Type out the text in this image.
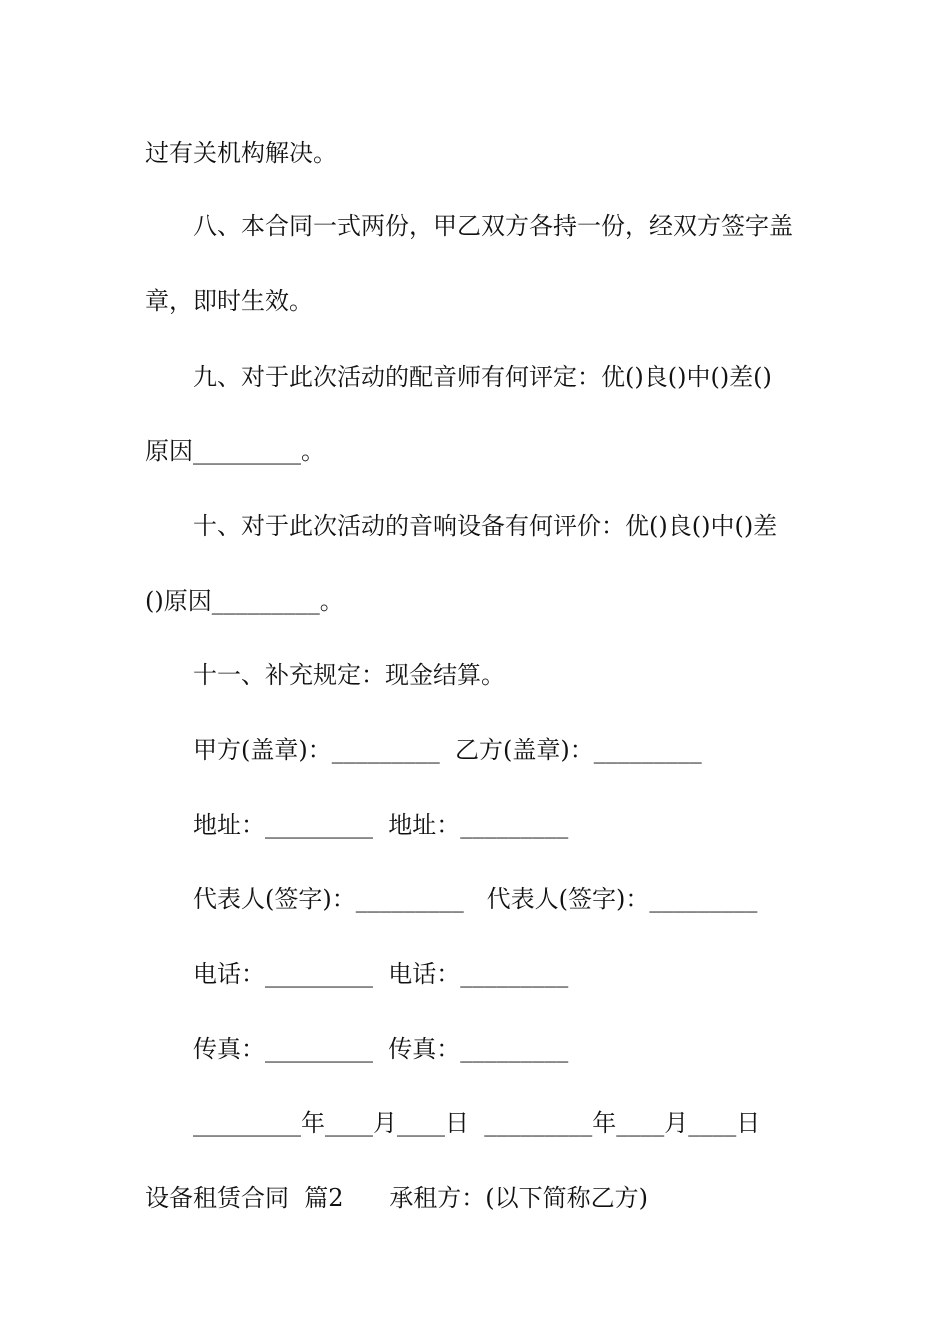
过有关机构解决。

八、本合同一式两份，甲乙双方各持一份，经双方签字盖

章，即时生效。

九、对于此次活动的配音师有何评定：优()良()中()差()

原因_________。

十、对于此次活动的音响设备有何评价：优()良()中()差

()原因_________。

十一、补充规定：现金结算。

甲方(盖章)：_________  乙方(盖章)：_________

地址：_________  地址：_________

代表人(签字)：_________   代表人(签字)：_________

电话：_________  电话：_________

传真：_________  传真：_________

_________年____月____日  _________年____月____日

设备租赁合同  篇2      承租方：(以下简称乙方)
